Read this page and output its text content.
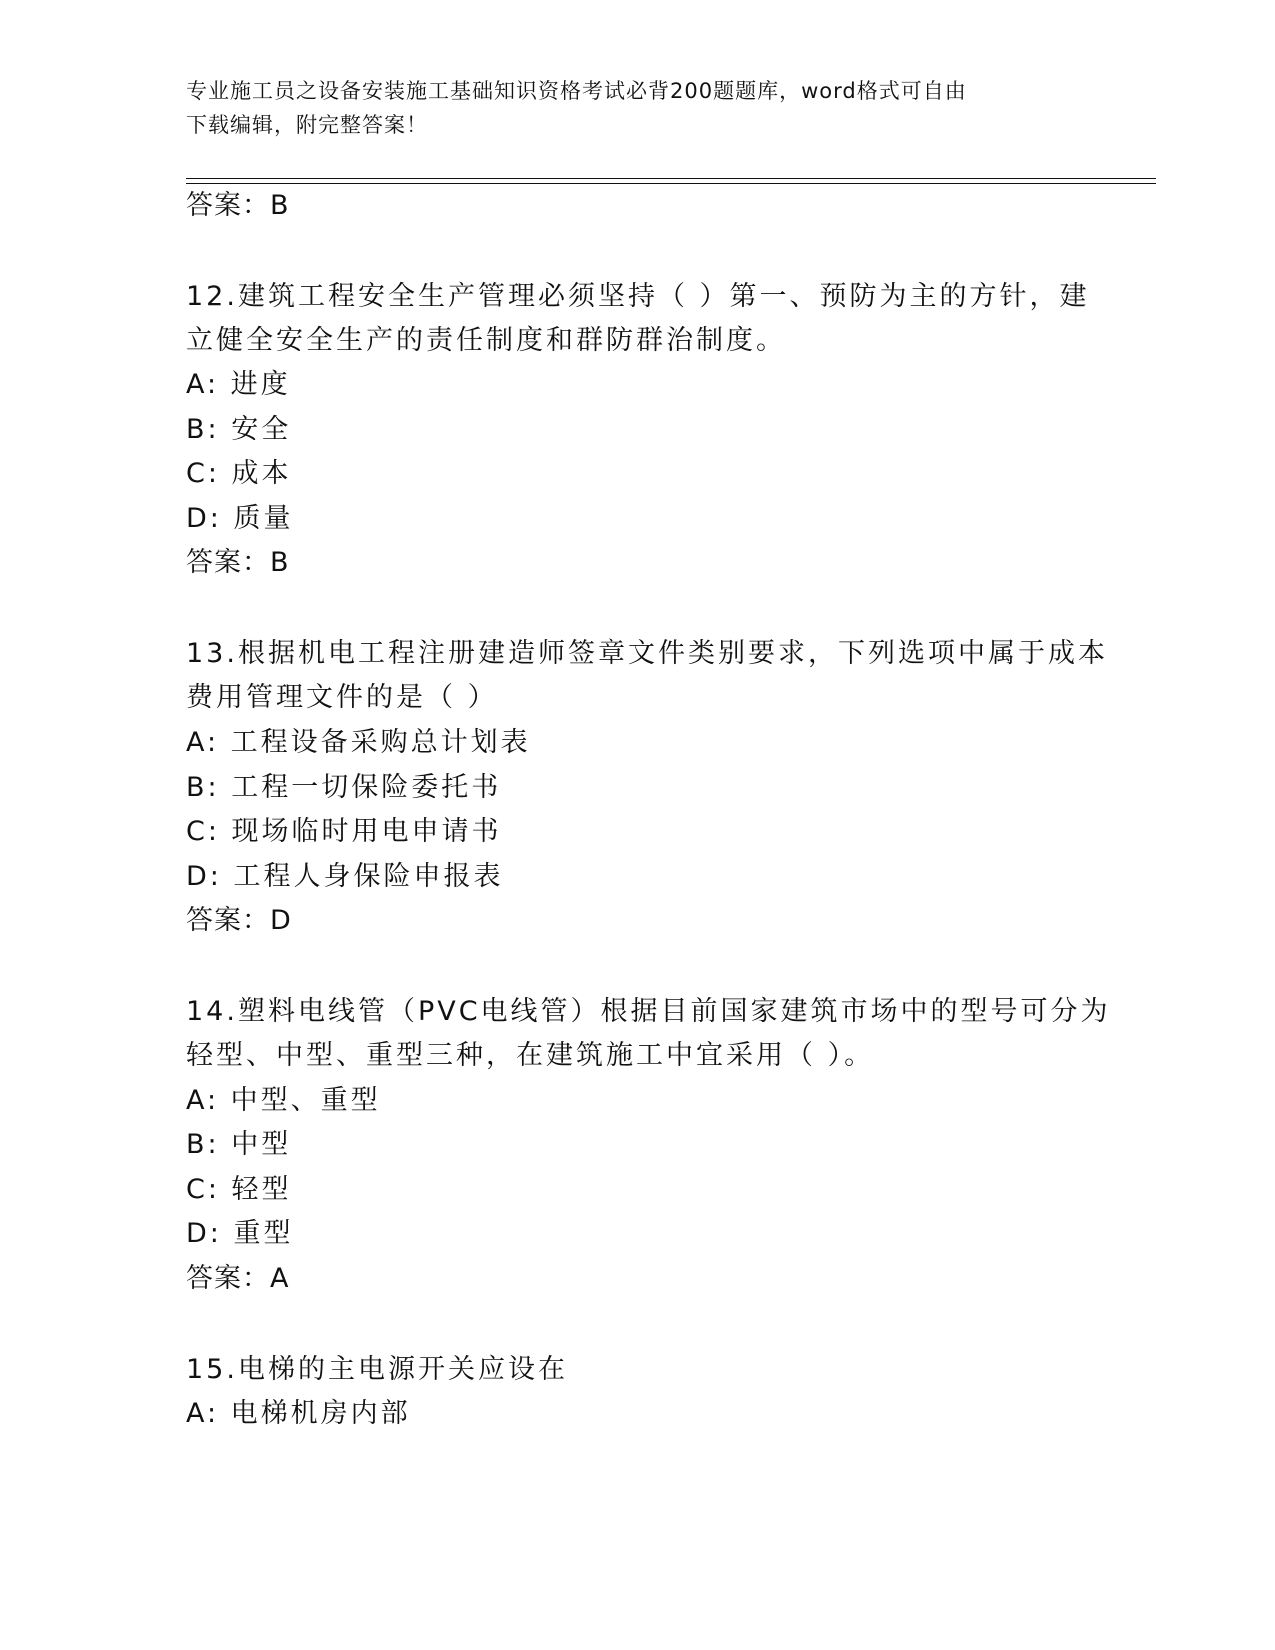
专业施工员之设备安装施工基础知识资格考试必背200题题库，word格式可自由
下载编辑，附完整答案！
答案：B
12.建筑工程安全生产管理必须坚持（ ）第一、预防为主的方针，建
立健全安全生产的责任制度和群防群治制度。
A: 进度
B: 安全
C: 成本
D: 质量
答案：B
13.根据机电工程注册建造师签章文件类别要求，下列选项中属于成本
费用管理文件的是（ ）
A: 工程设备采购总计划表
B: 工程一切保险委托书
C: 现场临时用电申请书
D: 工程人身保险申报表
答案：D
14.塑料电线管（PVC电线管）根据目前国家建筑市场中的型号可分为
轻型、中型、重型三种，在建筑施工中宜采用（ ）。
A: 中型、重型
B: 中型
C: 轻型
D: 重型
答案：A
15.电梯的主电源开关应设在
A: 电梯机房内部
